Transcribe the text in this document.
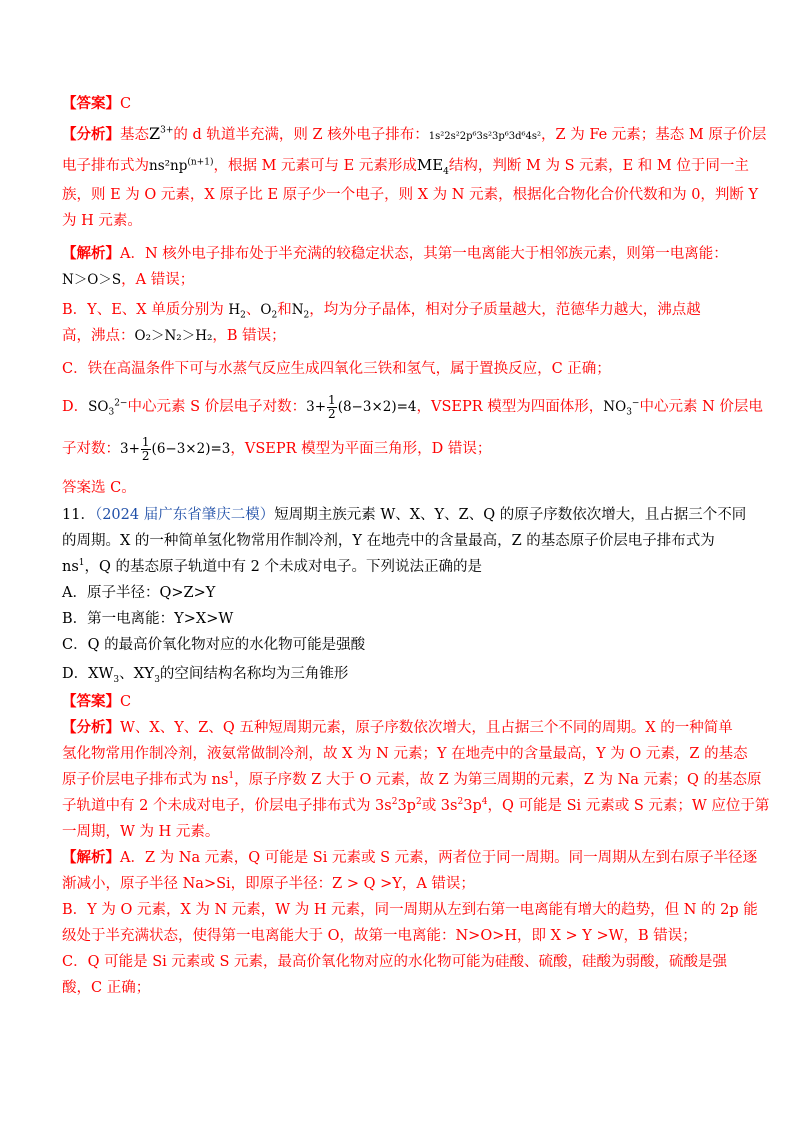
【答案】C
【分析】基态$Z^{3+}$的 d 轨道半充满，则 Z 核外电子排布：1s²2s²2p⁶3s²3p⁶3d⁶4s²，Z 为 Fe 元素；基态 M 原子价层
电子排布式为$ns^2np^{(n+1)}$，根据 M 元素可与 E 元素形成$ME_4$结构，判断 M 为 S 元素，E 和 M 位于同一主
族，则 E 为 O 元素，X 原子比 E 原子少一个电子，则 X 为 N 元素，根据化合物化合价代数和为 0，判断 Y
为 H 元素。
【解析】A．N 核外电子排布处于半充满的较稳定状态，其第一电离能大于相邻族元素，则第一电离能：
N＞O＞S，A 错误；
B．Y、E、X 单质分别为 $H_2$、$O_2$和$N_2$，均为分子晶体，相对分子质量越大，范德华力越大，沸点越
高，沸点：O₂＞N₂＞H₂，B 错误；
C．铁在高温条件下可与水蒸气反应生成四氧化三铁和氢气，属于置换反应，C 正确；
D．$SO_3^{2-}$中心元素 S 价层电子对数：$3+ \frac{1}{2} (8-3\times 2)=4$，VSEPR 模型为四面体形，$NO_3^-$中心元素 N 价层电
子对数：$3+ \frac{1}{2} (6-3\times 2)=3$，VSEPR 模型为平面三角形，D 错误；
答案选 C。
11．（2024 届广东省肇庆二模）短周期主族元素 W、X、Y、Z、Q 的原子序数依次增大，且占据三个不同
的周期。X 的一种简单氢化物常用作制冷剂，Y 在地壳中的含量最高，Z 的基态原子价层电子排布式为
$ns^1$，Q 的基态原子轨道中有 2 个未成对电子。下列说法正确的是
A．原子半径：Q>Z>Y
B．第一电离能：Y>X>W
C．Q 的最高价氧化物对应的水化物可能是强酸
D．$XW_3$、$XY_3$的空间结构名称均为三角锥形
【答案】C
【分析】W、X、Y、Z、Q 五种短周期元素，原子序数依次增大，且占据三个不同的周期。X 的一种简单
氢化物常用作制冷剂，液氨常做制冷剂，故 X 为 N 元素；Y 在地壳中的含量最高，Y 为 O 元素，Z 的基态
原子价层电子排布式为 $ns^1$，原子序数 Z 大于 O 元素，故 Z 为第三周期的元素，Z 为 Na 元素；Q 的基态原
子轨道中有 2 个未成对电子，价层电子排布式为 $3s^23p^2$或 $3s^23p^4$，Q 可能是 Si 元素或 S 元素；W 应位于第
一周期，W 为 H 元素。
【解析】A．Z 为 Na 元素，Q 可能是 Si 元素或 S 元素，两者位于同一周期。同一周期从左到右原子半径逐
渐减小，原子半径 Na>Si，即原子半径：Z > Q >Y，A 错误；
B．Y 为 O 元素，X 为 N 元素，W 为 H 元素，同一周期从左到右第一电离能有增大的趋势，但 N 的 2p 能
级处于半充满状态，使得第一电离能大于 O，故第一电离能：N>O>H，即 X > Y >W，B 错误；
C．Q 可能是 Si 元素或 S 元素，最高价氧化物对应的水化物可能为硅酸、硫酸，硅酸为弱酸，硫酸是强
酸，C 正确；
